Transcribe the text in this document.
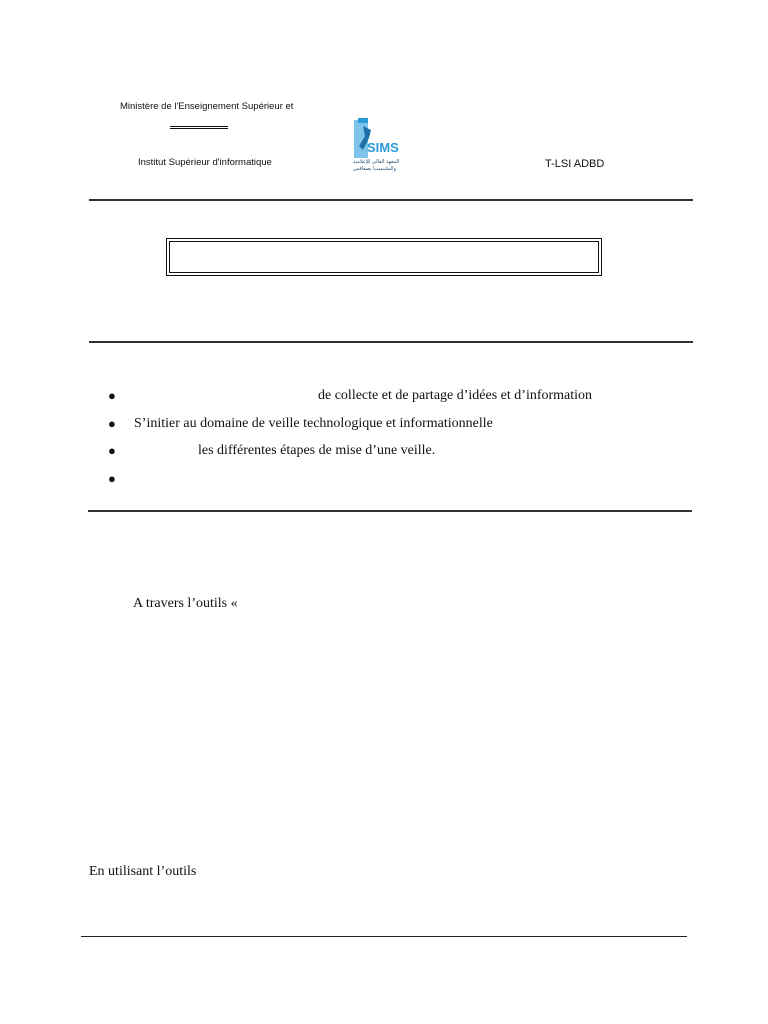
Ministère de l'Enseignement Supérieur et
Institut Supérieur d'informatique
SIMS
المعهد العالي للإعلامية
والملتيميديا بصفاقس	T-LSI ADBD
●	de collecte et de partage d’idées et d’information
● S’initier au domaine de veille technologique et informationnelle
●	les différentes étapes de mise d’une veille.
●
A travers l’outils «
En utilisant l’outils
